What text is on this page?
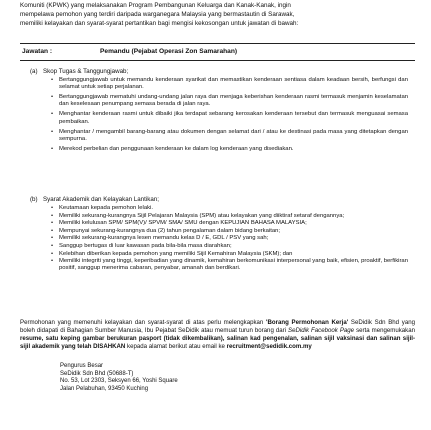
Komuniti (KPWK) yang melaksanakan Program Pembangunan Keluarga dan Kanak-Kanak, ingin
mempelawa pemohon yang terdiri daripada warganegara Malaysia yang bermastautin di Sarawak,
memiliki kelayakan dan syarat-syarat pertantikan bagi mengisi kekosongan untuk jawatan di bawah:
Jawatan :	Pemandu (Pejabat Operasi Zon Samarahan)
(a) Skop Tugas & Tanggungjawab;
• Bertanggungjawab untuk memandu kenderaan syarikat dan memastikan kenderaan sentiasa dalam keadaan bersih, berfungsi dan selamat untuk setiap perjalanan.
• Bertanggungjawab mematuhi undang-undang jalan raya dan menjaga keberishan kenderaan rasmi termasuk menjamin keselamatan dan keselesaan penumpang semasa berada di jalan raya.
• Menghantar kenderaan rasmi untuk dibaiki jika terdapat sebarang kerosakan kenderaan tersebut dan termasuk menguasai semasa pembaikan.
• Menghantar / mengambil barang-barang atau dokumen dengan selamat dari / atau ke destinasi pada masa yang ditetapkan dengan sempurna.
• Merekod perbelian dan penggunaan kenderaan ke dalam log kenderaan yang disediakan.
(b) Syarat Akademik dan Kelayakan Lantikan;
• Keutamaan kepada pemohon lelaki.
• Memiliki sekurang-kurangnya Sijil Pelajaran Malaysia (SPM) atau kelayakan yang diiktiraf setaraf dengannya;
• Memiliki kelulusan SPM/ SPM(V)/ SPVM/ SMA/ SMU dengan KEPUJIAN BAHASA MALAYSIA;
• Mempunyai sekurang-kurangnya dua (2) tahun pengalaman dalam bidang berkaitan;
• Memiliki sekurang-kurangnya lesen memandu kelas D / E, GDL / PSV yang sah;
• Sanggup bertugas di luar kawasan pada bila-bila masa diarahkan;
• Kelebihan diberikan kepada pemohon yang memiliki Sijil Kemahiran Malaysia (SKM); dan
• Memiliki integriti yang tinggi, keperibadian yang dinamik, kemahiran berkomunikasi interpersonal yang baik, efisien, proaktif, berfikiran positif, sanggup menerima cabaran, penyabar, amanah dan berdikari.
Permohonan yang memenuhi kelayakan dan syarat-syarat di atas perlu melengkapkan 'Borang Permohonan Kerja' SeDidik Sdn Bhd yang boleh didapati di Bahagian Sumber Manusia, Ibu Pejabat SeDidik atau memuat turun borang dari SeDidik Facebook Page serta mengemukakan resume, satu keping gambar berukuran pasport (tidak dikembalikan), salinan kad pengenalan, salinan sijil vaksinasi dan salinan sijil-sijil akademik yang telah DISAHKAN kepada alamat berikut atau email ke recruitment@sedidik.com.my
Pengurus Besar
SeDidik Sdn Bhd (50688-T)
No. 53, Lot 2303, Seksyen 66, Yoshi Square
Jalan Pelabuhan, 93450 Kuching
